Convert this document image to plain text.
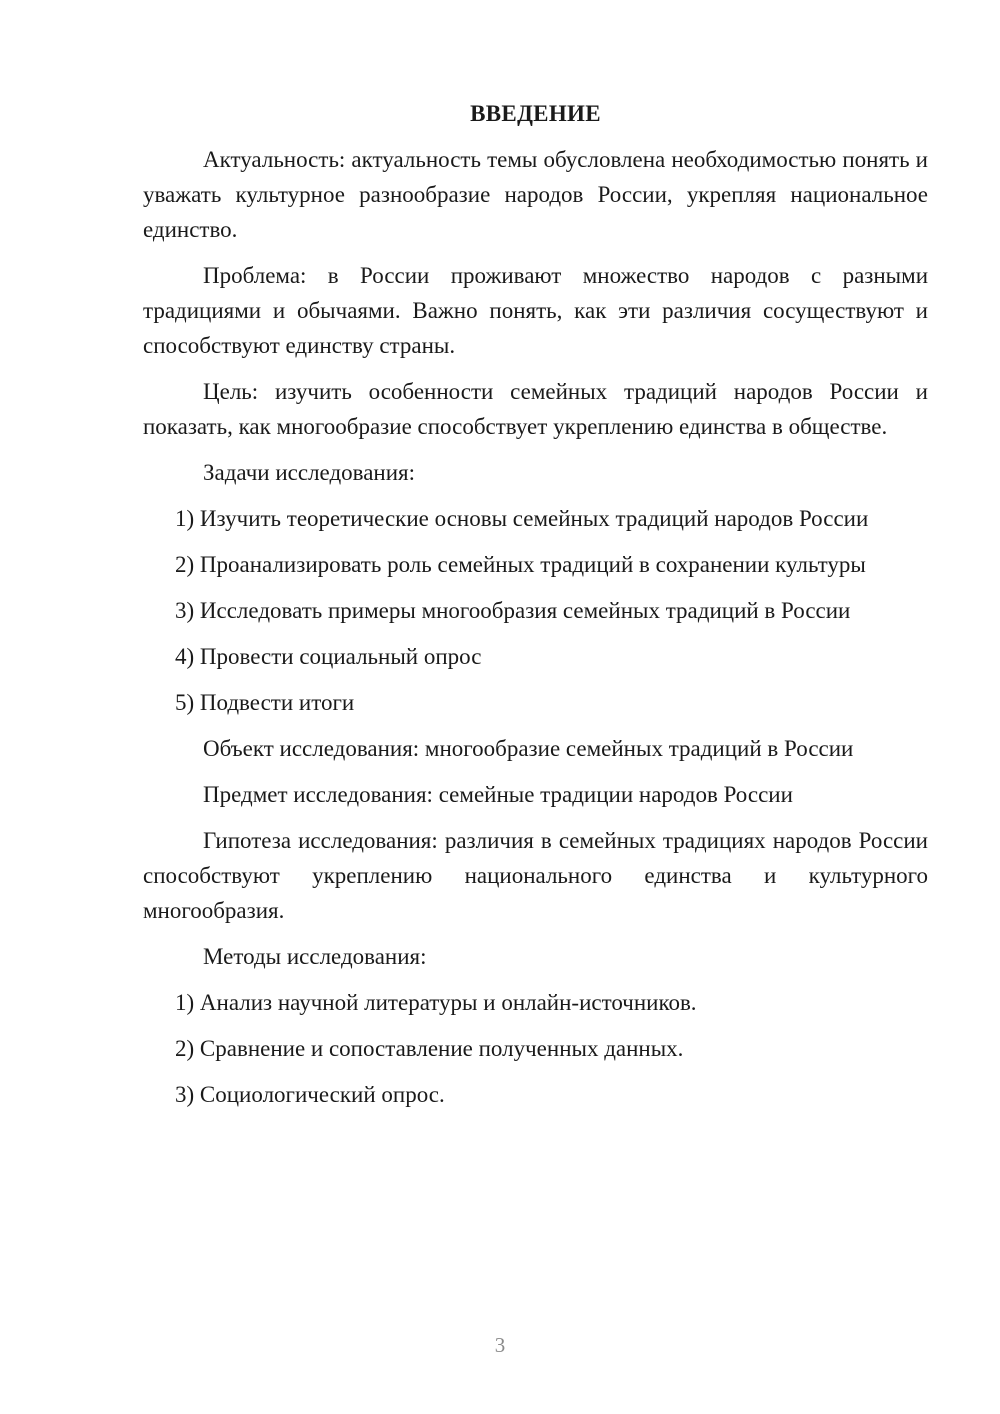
ВВЕДЕНИЕ

Актуальность: актуальность темы обусловлена необходимостью понять и уважать культурное разнообразие народов России, укрепляя национальное единство.

Проблема: в России проживают множество народов с разными традициями и обычаями. Важно понять, как эти различия сосуществуют и способствуют единству страны.

Цель: изучить особенности семейных традиций народов России и показать, как многообразие способствует укреплению единства в обществе.

Задачи исследования:

1) Изучить теоретические основы семейных традиций народов России
2) Проанализировать роль семейных традиций в сохранении культуры
3) Исследовать примеры многообразия семейных традиций в России
4) Провести социальный опрос
5) Подвести итоги

Объект исследования: многообразие семейных традиций в России

Предмет исследования: семейные традиции народов России

Гипотеза исследования: различия в семейных традициях народов России способствуют укреплению национального единства и культурного многообразия.

Методы исследования:

1) Анализ научной литературы и онлайн-источников.
2) Сравнение и сопоставление полученных данных.
3) Социологический опрос.
3
